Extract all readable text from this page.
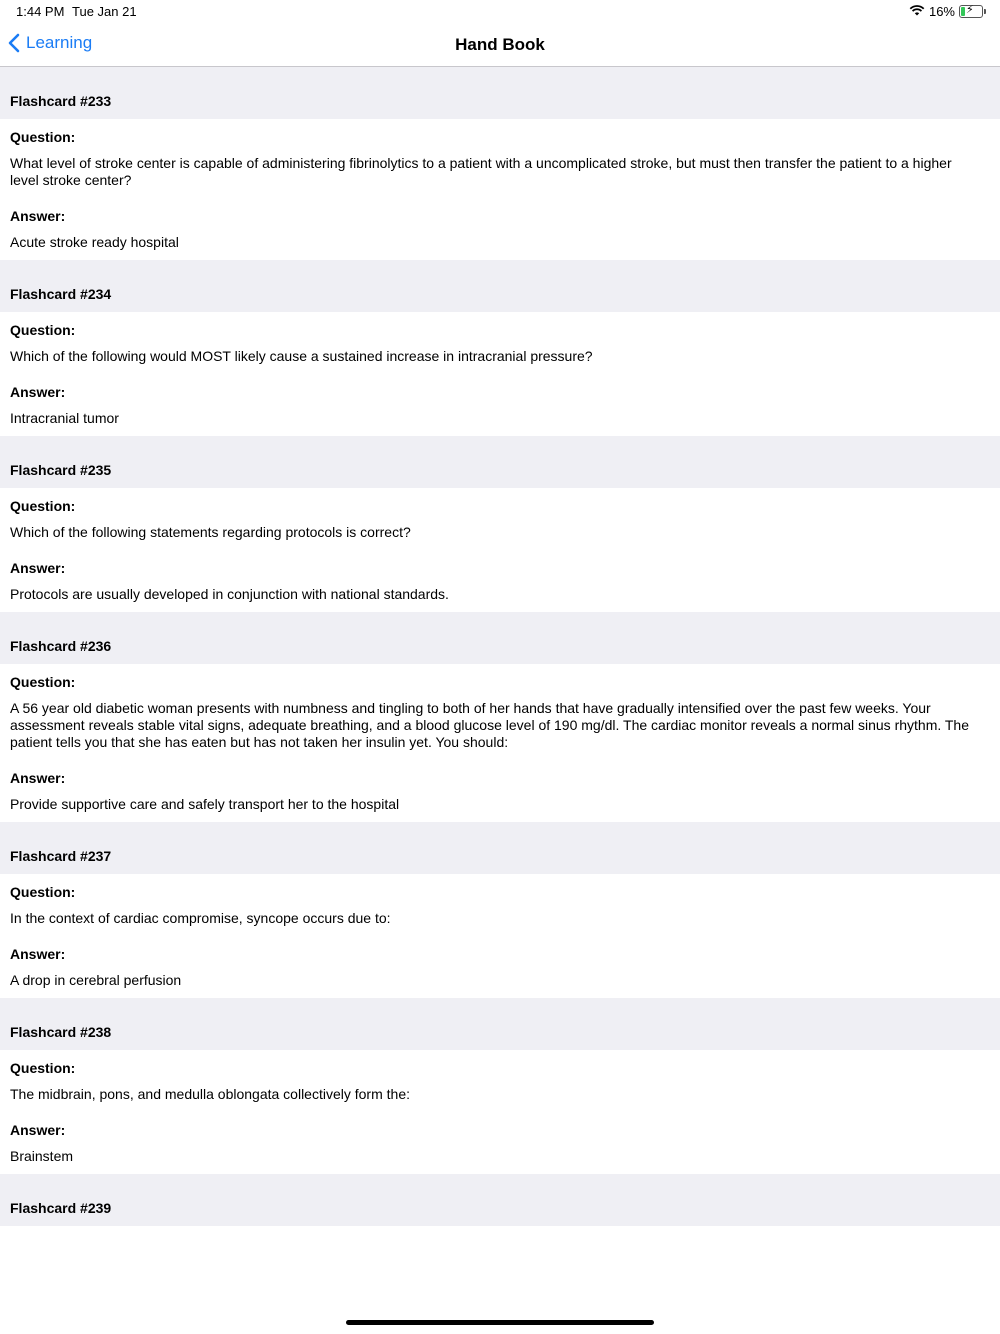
1:44 PM Tue Jan 21	16% ⚡
Learning	Hand Book
Flashcard #233
Question:
What level of stroke center is capable of administering fibrinolytics to a patient with a uncomplicated stroke, but must then transfer the patient to a higher level stroke center?
Answer:
Acute stroke ready hospital
Flashcard #234
Question:
Which of the following would MOST likely cause a sustained increase in intracranial pressure?
Answer:
Intracranial tumor
Flashcard #235
Question:
Which of the following statements regarding protocols is correct?
Answer:
Protocols are usually developed in conjunction with national standards.
Flashcard #236
Question:
A 56 year old diabetic woman presents with numbness and tingling to both of her hands that have gradually intensified over the past few weeks. Your assessment reveals stable vital signs, adequate breathing, and a blood glucose level of 190 mg/dl. The cardiac monitor reveals a normal sinus rhythm. The patient tells you that she has eaten but has not taken her insulin yet. You should:
Answer:
Provide supportive care and safely transport her to the hospital
Flashcard #237
Question:
In the context of cardiac compromise, syncope occurs due to:
Answer:
A drop in cerebral perfusion
Flashcard #238
Question:
The midbrain, pons, and medulla oblongata collectively form the:
Answer:
Brainstem
Flashcard #239
